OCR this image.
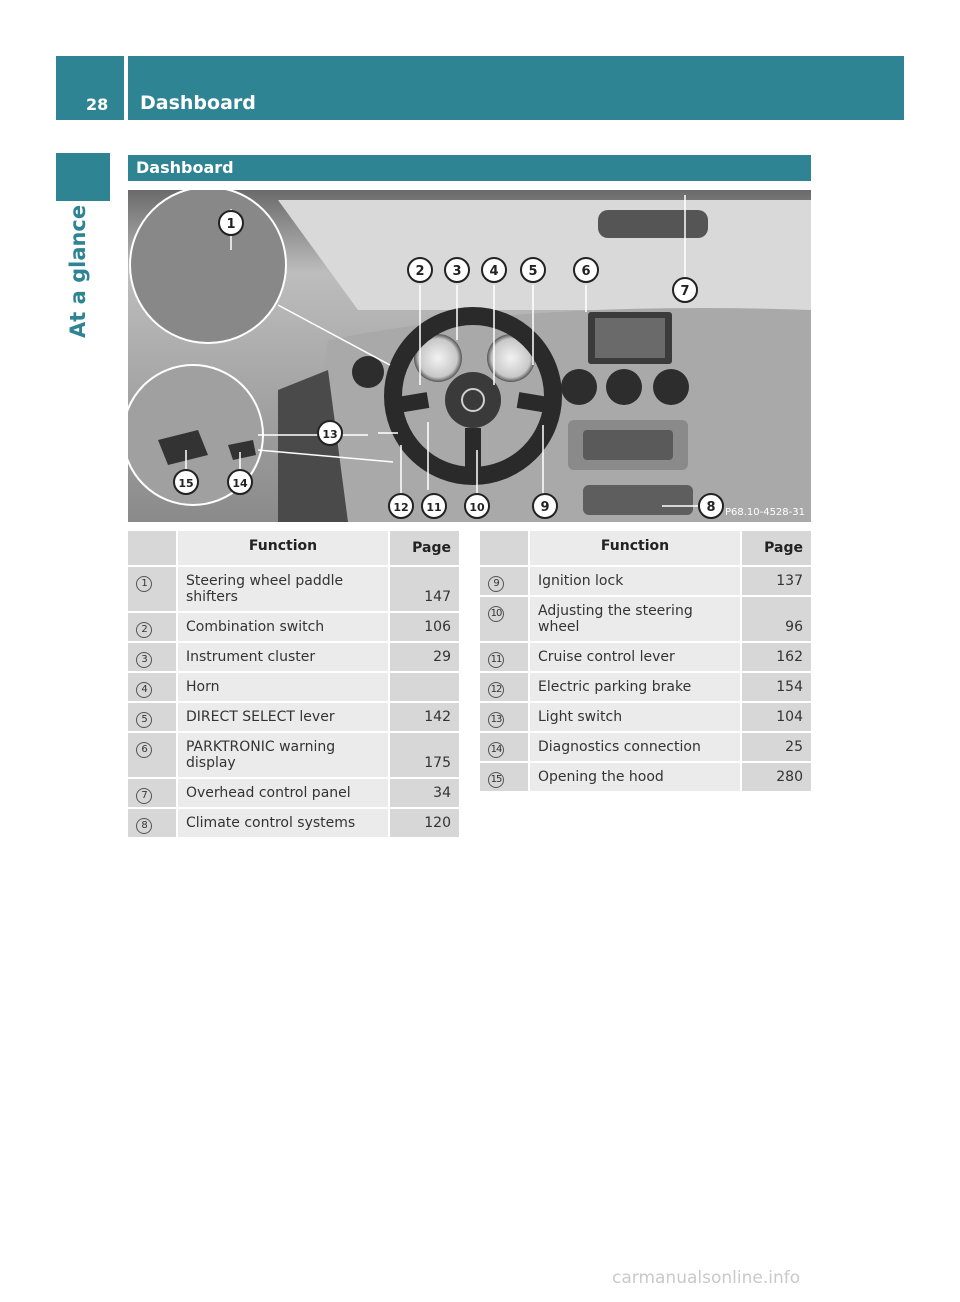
28 Dashboard
At a glance
Dashboard
1
2 3 4 5	6
7
8
9
10
11
12
13
14
15
P68.10-4528-31
Function	Page
1	Steering wheel paddle shifters	147
2	Combination switch	106
3	Instrument cluster	29
4	Horn
5	DIRECT SELECT lever	142
6	PARKTRONIC warning display	175
7	Overhead control panel	34
8	Climate control systems	120
Function	Page
9	Ignition lock	137
10	Adjusting the steering wheel	96
11	Cruise control lever	162
12	Electric parking brake	154
13	Light switch	104
14	Diagnostics connection	25
15	Opening the hood	280
carmanualsonline.info
